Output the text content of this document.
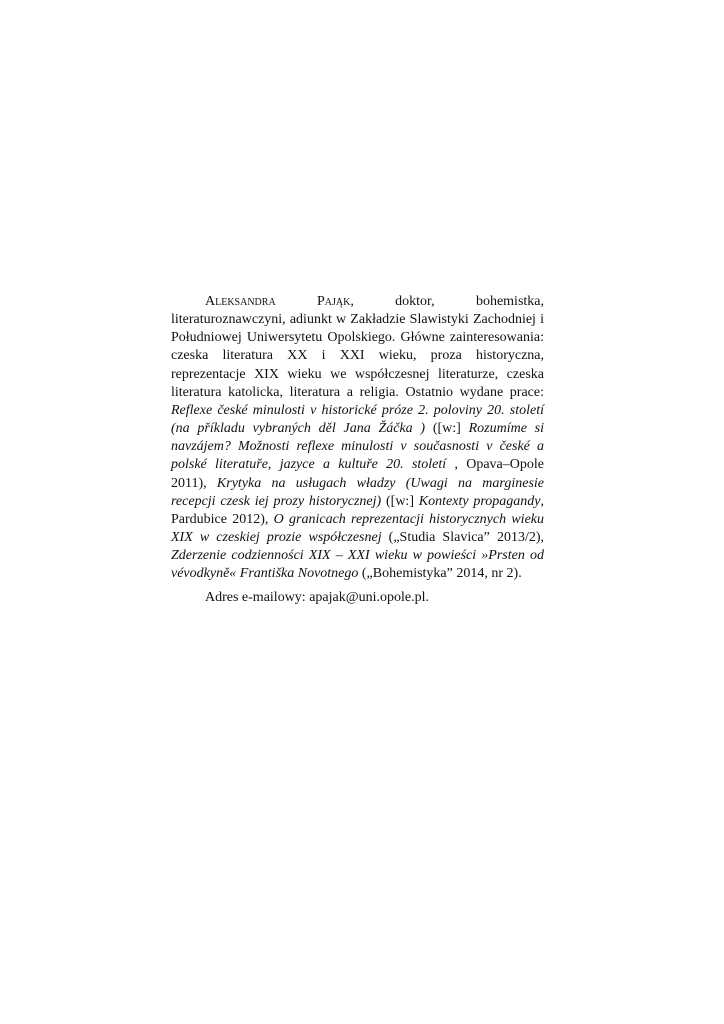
Aleksandra Pająk, doktor, bohemistka, literaturoznawczyni, adiunkt w Zakładzie Slawistyki Zachodniej i Południowej Uniwersytetu Opolskiego. Główne zainteresowania: czeska literatura XX i XXI wieku, proza historyczna, reprezentacje XIX wieku we współczesnej literaturze, czeska literatura katolicka, literatura a religia. Ostatnio wydane prace: Reflexe české minulosti v historické próze 2. poloviny 20. století (na příkladu vybraných děl Jana Žáčka ) ([w:] Rozumíme si navzájem? Možnosti reflexe minulosti v současnosti v české a polské literatuře, jazyce a kultuře 20. století , Opava–Opole 2011), Krytyka na usługach władzy (Uwagi na marginesie recepcji czesk iej prozy historycznej) ([w:] Kontexty propagandy, Pardubice 2012), O granicach reprezentacji historycznych wieku XIX w czeskiej prozie współczesnej („Studia Slavica” 2013/2), Zderzenie codzienności XIX – XXI wieku w powieści »Prsten od vévodkyně« Františka Novotnego („Bohemistyka” 2014, nr 2).

Adres e-mailowy: apajak@uni.opole.pl.
